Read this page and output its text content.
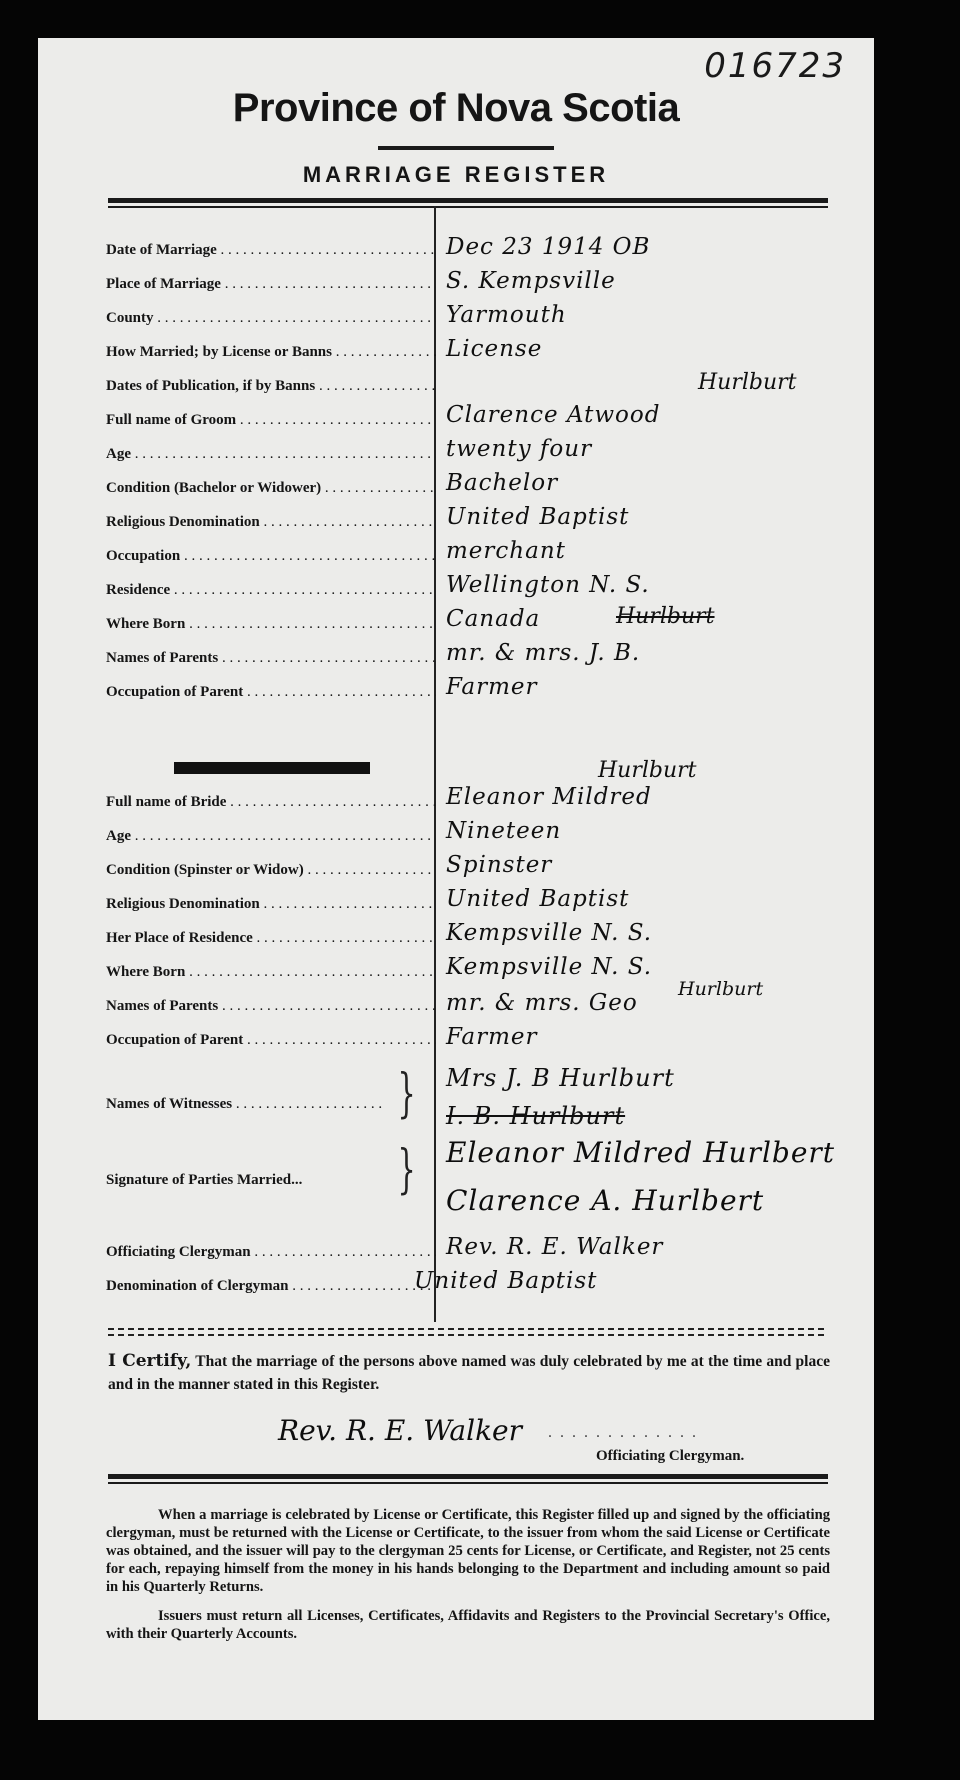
016723
Province of Nova Scotia
MARRIAGE REGISTER
Date of Marriage . . .	Dec 23 1914 OB
Place of Marriage . . .	S. Kempsville
County . . .	Yarmouth
How Married; by License or Banns . . .	License
Dates of Publication, if by Banns . . .	Hurlburt
Full name of Groom . . .	Clarence Atwood
Age . . .	twenty four
Condition (Bachelor or Widower) . . .	Bachelor
Religious Denomination . . .	United Baptist
Occupation . . .	merchant
Residence . . .	Wellington N. S.
Where Born . . .	Canada	Hurlburt
Names of Parents . . .	mr. & mrs. J. B.
Occupation of Parent . . .	Farmer
Hurlburt
Full name of Bride . . .	Eleanor Mildred
Age . . .	Nineteen
Condition (Spinster or Widow) . . .	Spinster
Religious Denomination . . .	United Baptist
Her Place of Residence . . .	Kempsville N. S.
Where Born . . .	Kempsville N. S.
Hurlburt
Names of Parents . . .	mr. & mrs. Geo
Occupation of Parent . . .	Farmer
Names of Witnesses . . .	} Mrs J. B Hurlburt
I. B. Hurlburt
Signature of Parties Married... } Eleanor Mildred Hurlbert
Clarence A. Hurlbert
Officiating Clergyman . . .	Rev. R. E. Walker
Denomination of Clergyman . . .	United Baptist
I Certify, That the marriage of the persons above named was duly celebrated by me at the time and place and in the manner stated in this Register.
Rev. R. E. Walker . . . . . . . . . . . . .
Officiating Clergyman.

When a marriage is celebrated by License or Certificate, this Register filled up and signed by the officiating clergyman, must be returned with the License or Certificate, to the issuer from whom the said License or Certificate was obtained, and the issuer will pay to the clergyman 25 cents for License, or Certificate, and Register, not 25 cents for each, repaying himself from the money in his hands belonging to the Department and including amount so paid in his Quarterly Returns.

Issuers must return all Licenses, Certificates, Affidavits and Registers to the Provincial Secretary's Office, with their Quarterly Accounts.
